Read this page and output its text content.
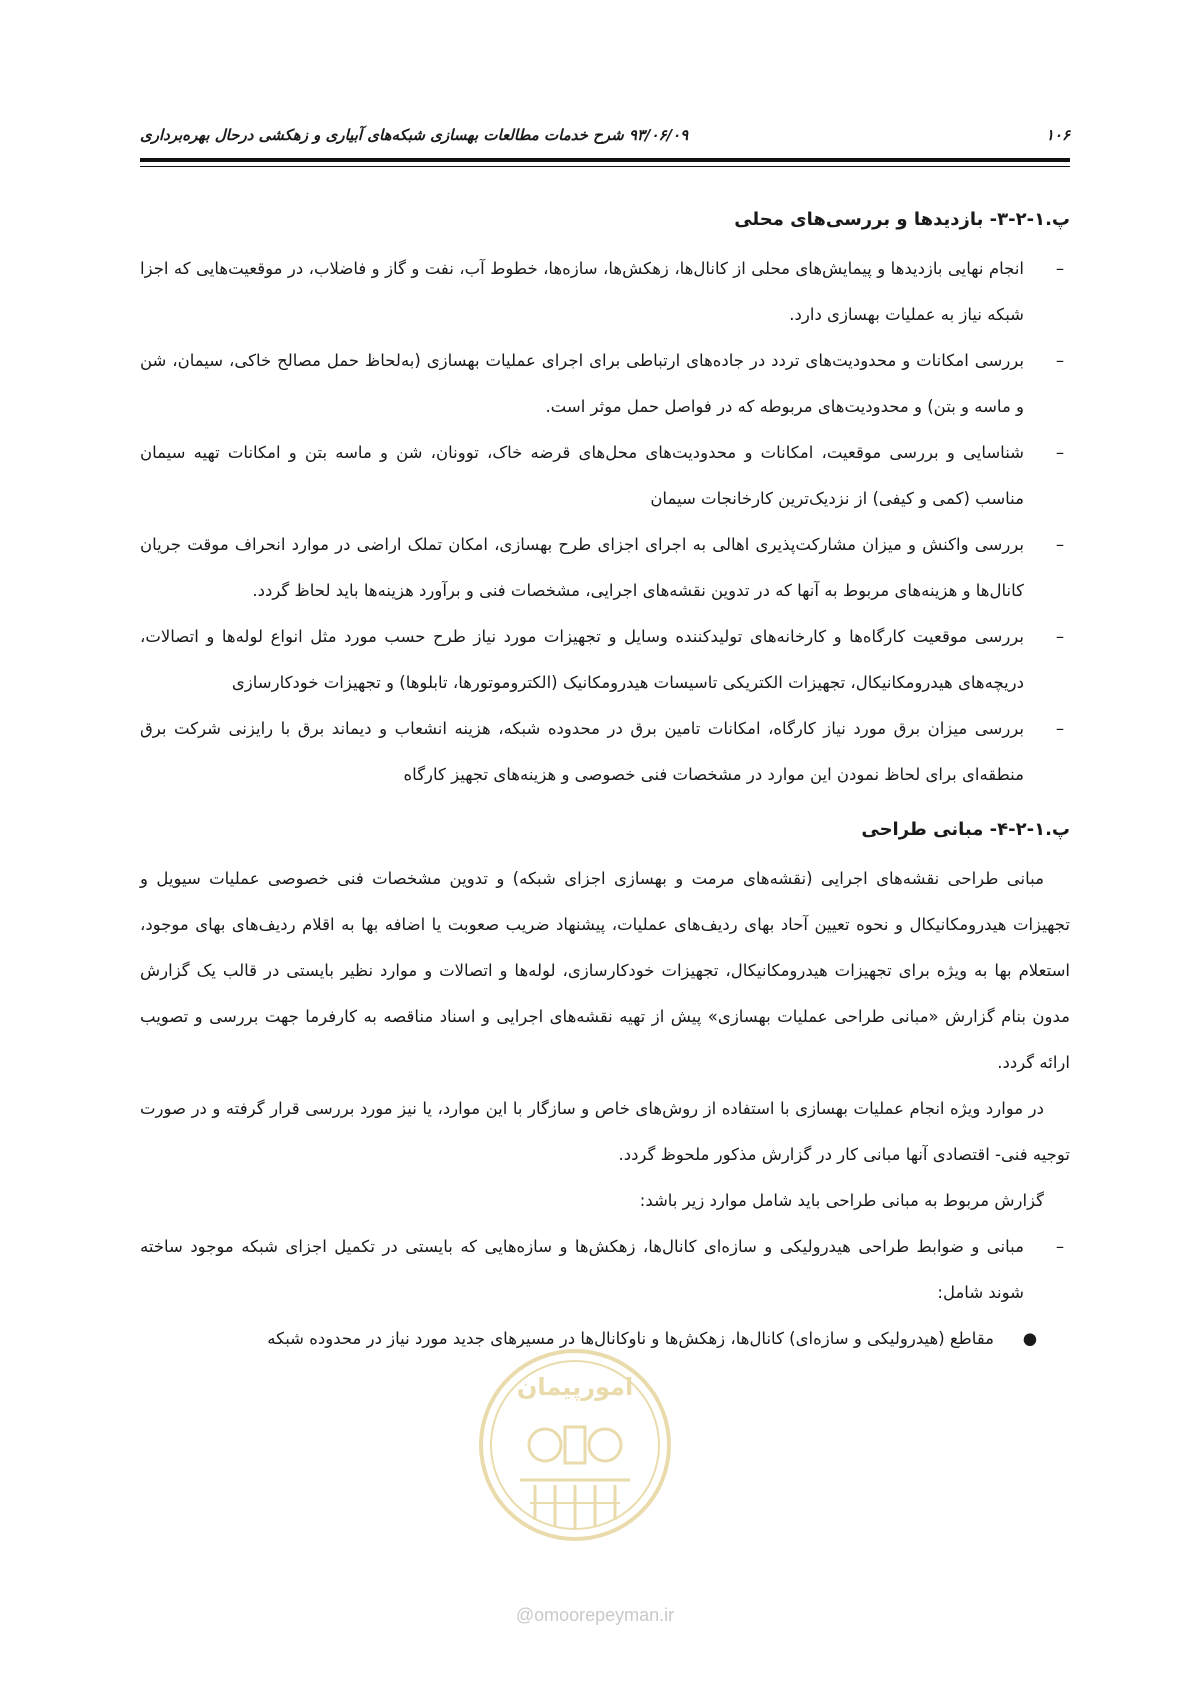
۱۰۶
۹۳/۰۶/۰۹ شرح خدمات مطالعات بهسازی شبکه‌های آبیاری و زهکشی درحال بهره‌برداری
پ.۱-۲-۳- بازدیدها و بررسی‌های محلی
–
انجام نهایی بازدیدها و پیمایش‌های محلی از کانال‌ها، زهکش‌ها، سازه‌ها، خطوط آب، نفت و گاز و فاضلاب، در موقعیت‌هایی که اجزا شبکه نیاز به عملیات بهسازی دارد.
–
بررسی امکانات و محدودیت‌های تردد در جاده‌های ارتباطی برای اجرای عملیات بهسازی (به‌لحاظ حمل مصالح خاکی، سیمان، شن و ماسه و بتن) و محدودیت‌های مربوطه که در فواصل حمل موثر است.
–
شناسایی و بررسی موقعیت، امکانات و محدودیت‌های محل‌های قرضه خاک، توونان، شن و ماسه بتن و امکانات تهیه سیمان مناسب (کمی و کیفی) از نزدیک‌ترین کارخانجات سیمان
–
بررسی واکنش و میزان مشارکت‌پذیری اهالی به اجرای اجزای طرح بهسازی، امکان تملک اراضی در موارد انحراف موقت جریان کانال‌ها و هزینه‌های مربوط به آنها که در تدوین نقشه‌های اجرایی، مشخصات فنی و برآورد هزینه‌ها باید لحاظ گردد.
–
بررسی موقعیت کارگاه‌ها و کارخانه‌های تولیدکننده وسایل و تجهیزات مورد نیاز طرح حسب مورد مثل انواع لوله‌ها و اتصالات، دریچه‌های هیدرومکانیکال، تجهیزات الکتریکی تاسیسات هیدرومکانیک (الکتروموتورها، تابلوها) و تجهیزات خودکارسازی
–
بررسی میزان برق مورد نیاز کارگاه، امکانات تامین برق در محدوده شبکه، هزینه انشعاب و دیماند برق با رایزنی شرکت برق منطقه‌ای برای لحاظ نمودن این موارد در مشخصات فنی خصوصی و هزینه‌های تجهیز کارگاه
پ.۱-۲-۴- مبانی طراحی

مبانی طراحی نقشه‌های اجرایی (نقشه‌های مرمت و بهسازی اجزای شبکه) و تدوین مشخصات فنی خصوصی عملیات سیویل و تجهیزات هیدرومکانیکال و نحوه تعیین آحاد بهای ردیف‌های عملیات، پیشنهاد ضریب صعوبت یا اضافه بها به اقلام ردیف‌های بهای موجود، استعلام بها به ویژه برای تجهیزات هیدرومکانیکال، تجهیزات خودکارسازی، لوله‌ها و اتصالات و موارد نظیر بایستی در قالب یک گزارش مدون بنام گزارش «مبانی طراحی عملیات بهسازی» پیش از تهیه نقشه‌های اجرایی و اسناد مناقصه به کارفرما جهت بررسی و تصویب ارائه گردد.

در موارد ویژه انجام عملیات بهسازی با استفاده از روش‌های خاص و سازگار با این موارد، یا نیز مورد بررسی قرار گرفته و در صورت توجیه فنی- اقتصادی آنها مبانی کار در گزارش مذکور ملحوظ گردد.

گزارش مربوط به مبانی طراحی باید شامل موارد زیر باشد:

–
مبانی و ضوابط طراحی هیدرولیکی و سازه‌ای کانال‌ها، زهکش‌ها و سازه‌هایی که بایستی در تکمیل اجزای شبکه موجود ساخته شوند شامل:
●
مقاطع (هیدرولیکی و سازه‌ای) کانال‌ها، زهکش‌ها و ناوکانال‌ها در مسیرهای جدید مورد نیاز در محدوده شبکه
امورپیمان
@omoorepeyman.ir
